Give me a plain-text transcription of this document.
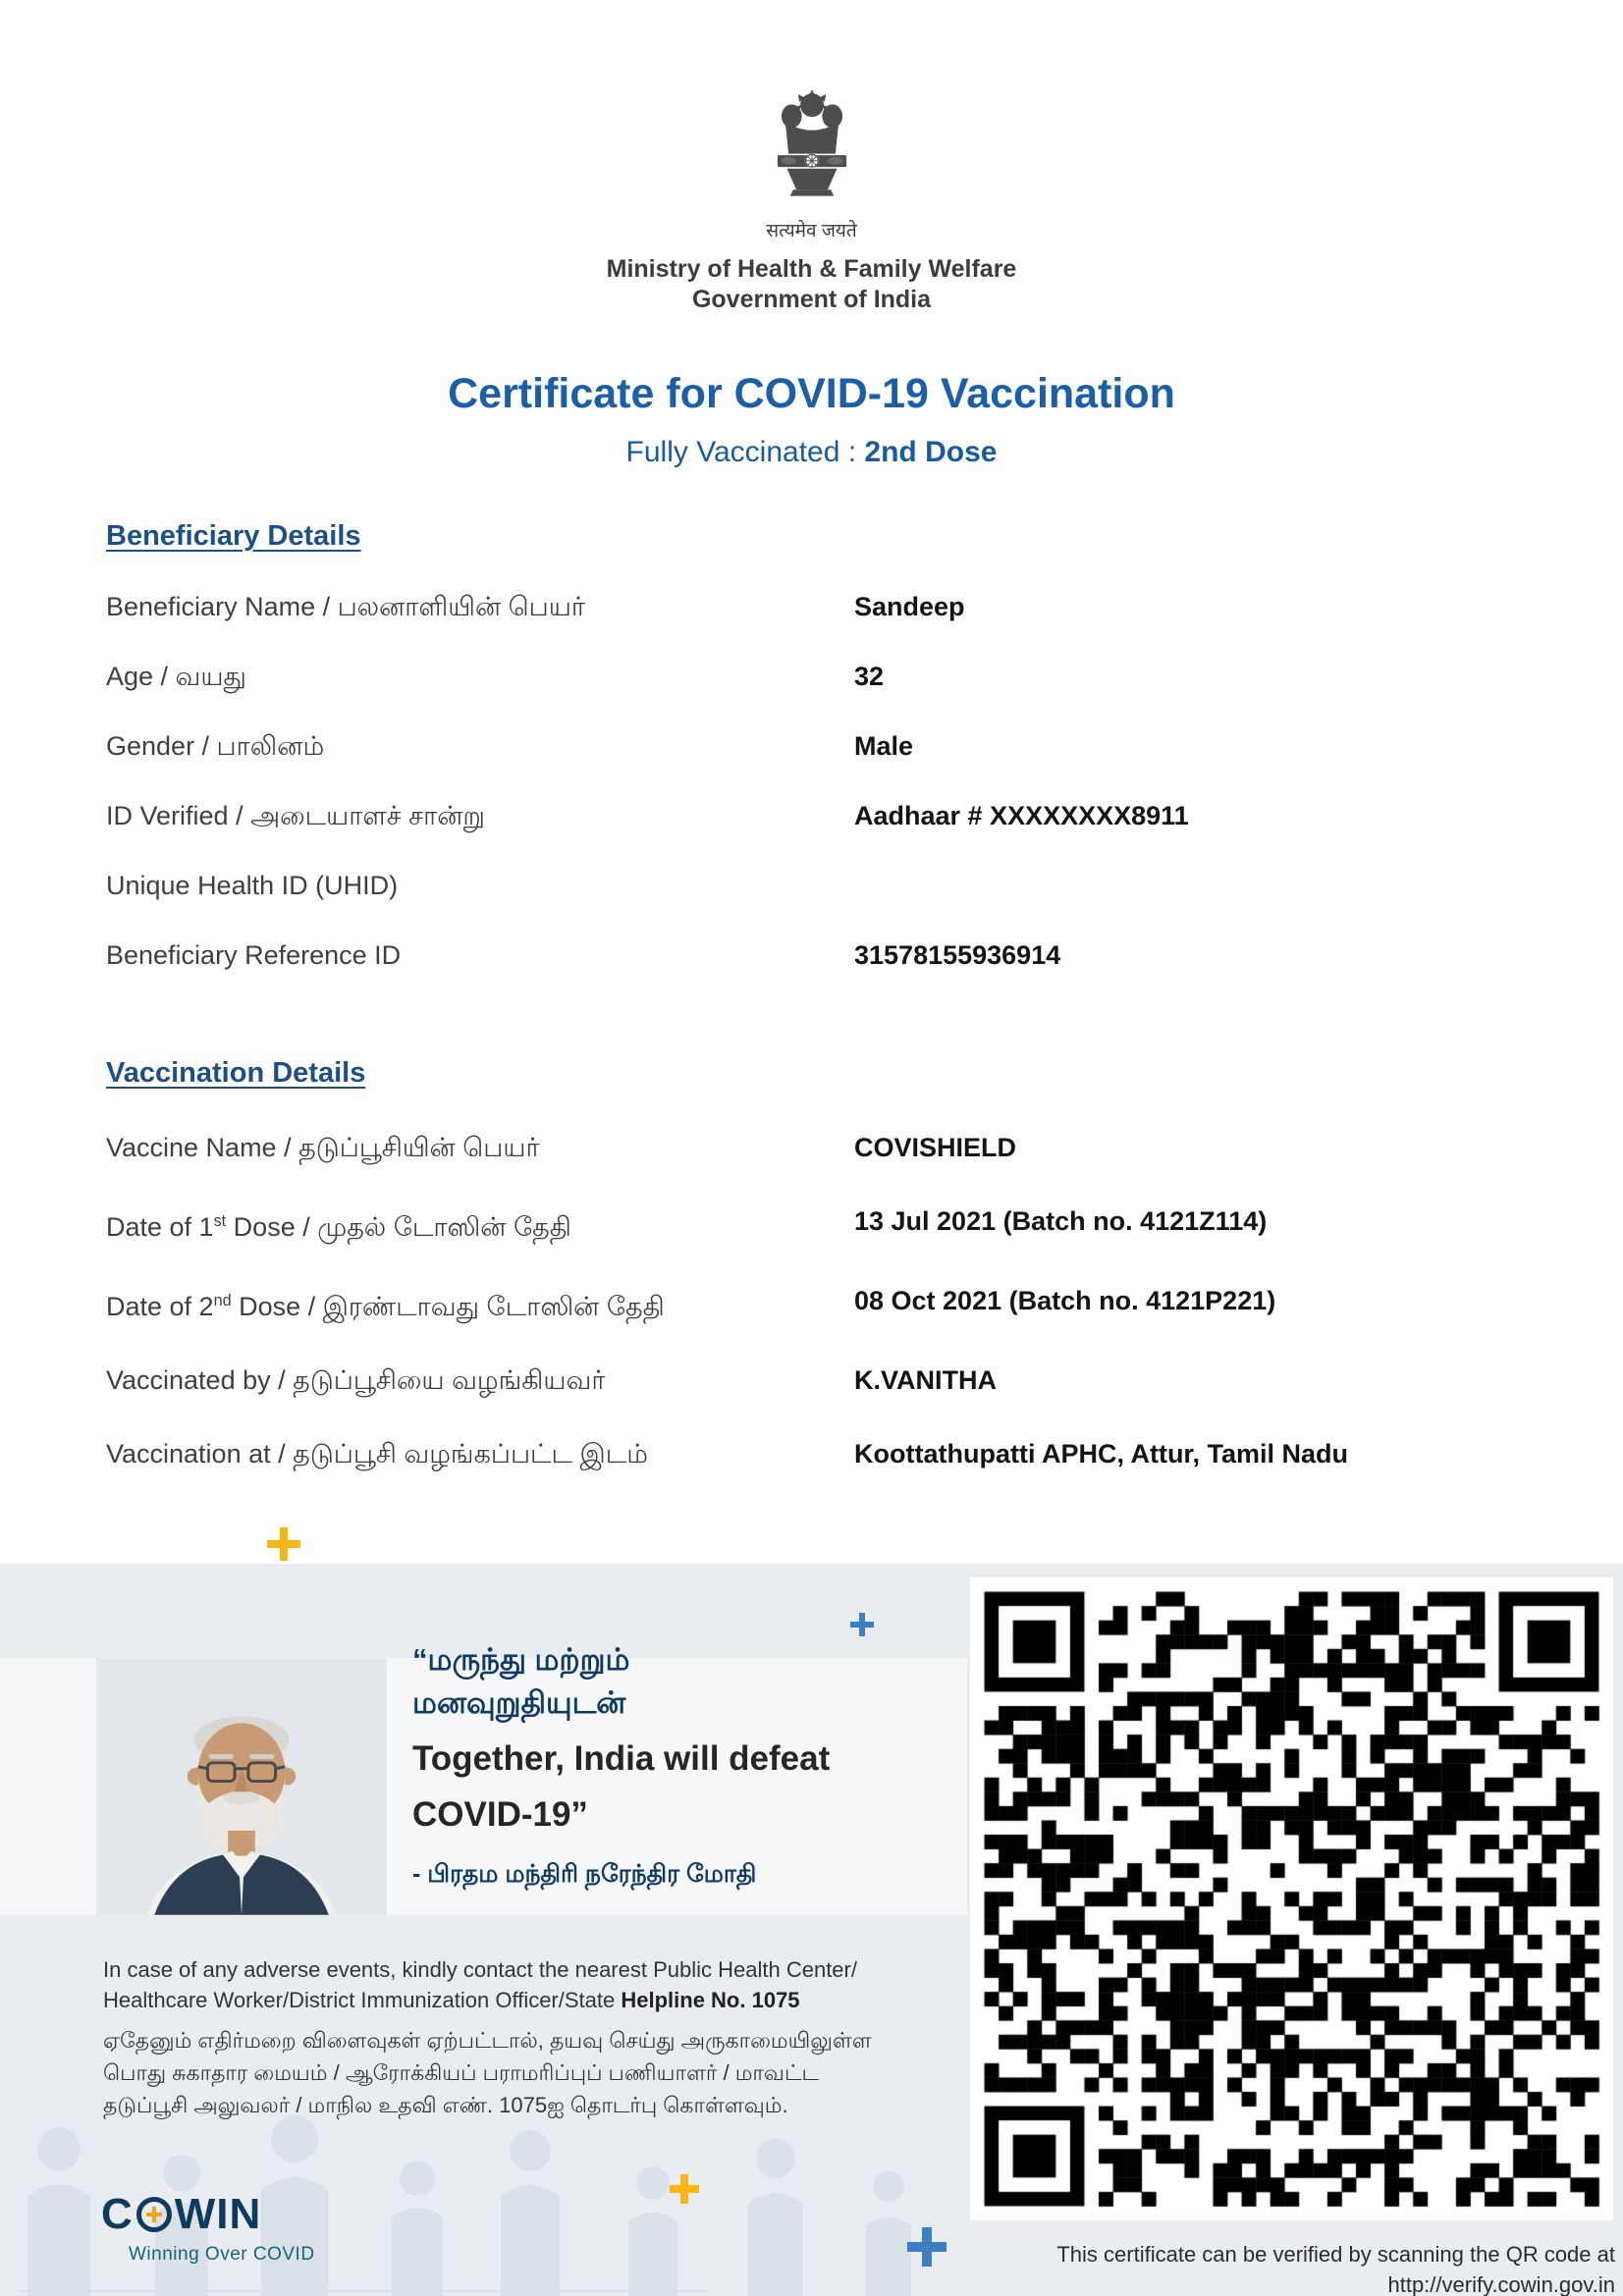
सत्यमेव जयते
Ministry of Health & Family Welfare
Government of India
Certificate for COVID-19 Vaccination
Fully Vaccinated : 2nd Dose
Beneficiary Details
Beneficiary Name / பலனாளியின் பெயர்	Sandeep
Age / வயது	32
Gender / பாலினம்	Male
ID Verified / அடையாளச் சான்று	Aadhaar # XXXXXXXX8911
Unique Health ID (UHID)
Beneficiary Reference ID	31578155936914
Vaccination Details
Vaccine Name / தடுப்பூசியின் பெயர்	COVISHIELD
Date of 1st Dose / முதல் டோஸின் தேதி	13 Jul 2021 (Batch no. 4121Z114)
Date of 2nd Dose / இரண்டாவது டோஸின் தேதி	08 Oct 2021 (Batch no. 4121P221)
Vaccinated by / தடுப்பூசியை வழங்கியவர்	K.VANITHA
Vaccination at / தடுப்பூசி வழங்கப்பட்ட இடம்	Koottathupatti APHC, Attur, Tamil Nadu
“மருந்து மற்றும்
மனவுறுதியுடன்
Together, India will defeat
COVID-19”
- பிரதம மந்திரி நரேந்திர மோதி
In case of any adverse events, kindly contact the nearest Public Health Center/ Healthcare Worker/District Immunization Officer/State Helpline No. 1075
ஏதேனும் எதிர்மறை விளைவுகள் ஏற்பட்டால், தயவு செய்து அருகாமையிலுள்ள பொது சுகாதார மையம் / ஆரோக்கியப் பராமரிப்புப் பணியாளர் / மாவட்ட தடுப்பூசி அலுவலர் / மாநில உதவி எண். 1075ஐ தொடர்பு கொள்ளவும்.
C WIN
Winning Over COVID	This certificate can be verified by scanning the QR code at
http://verify.cowin.gov.in
